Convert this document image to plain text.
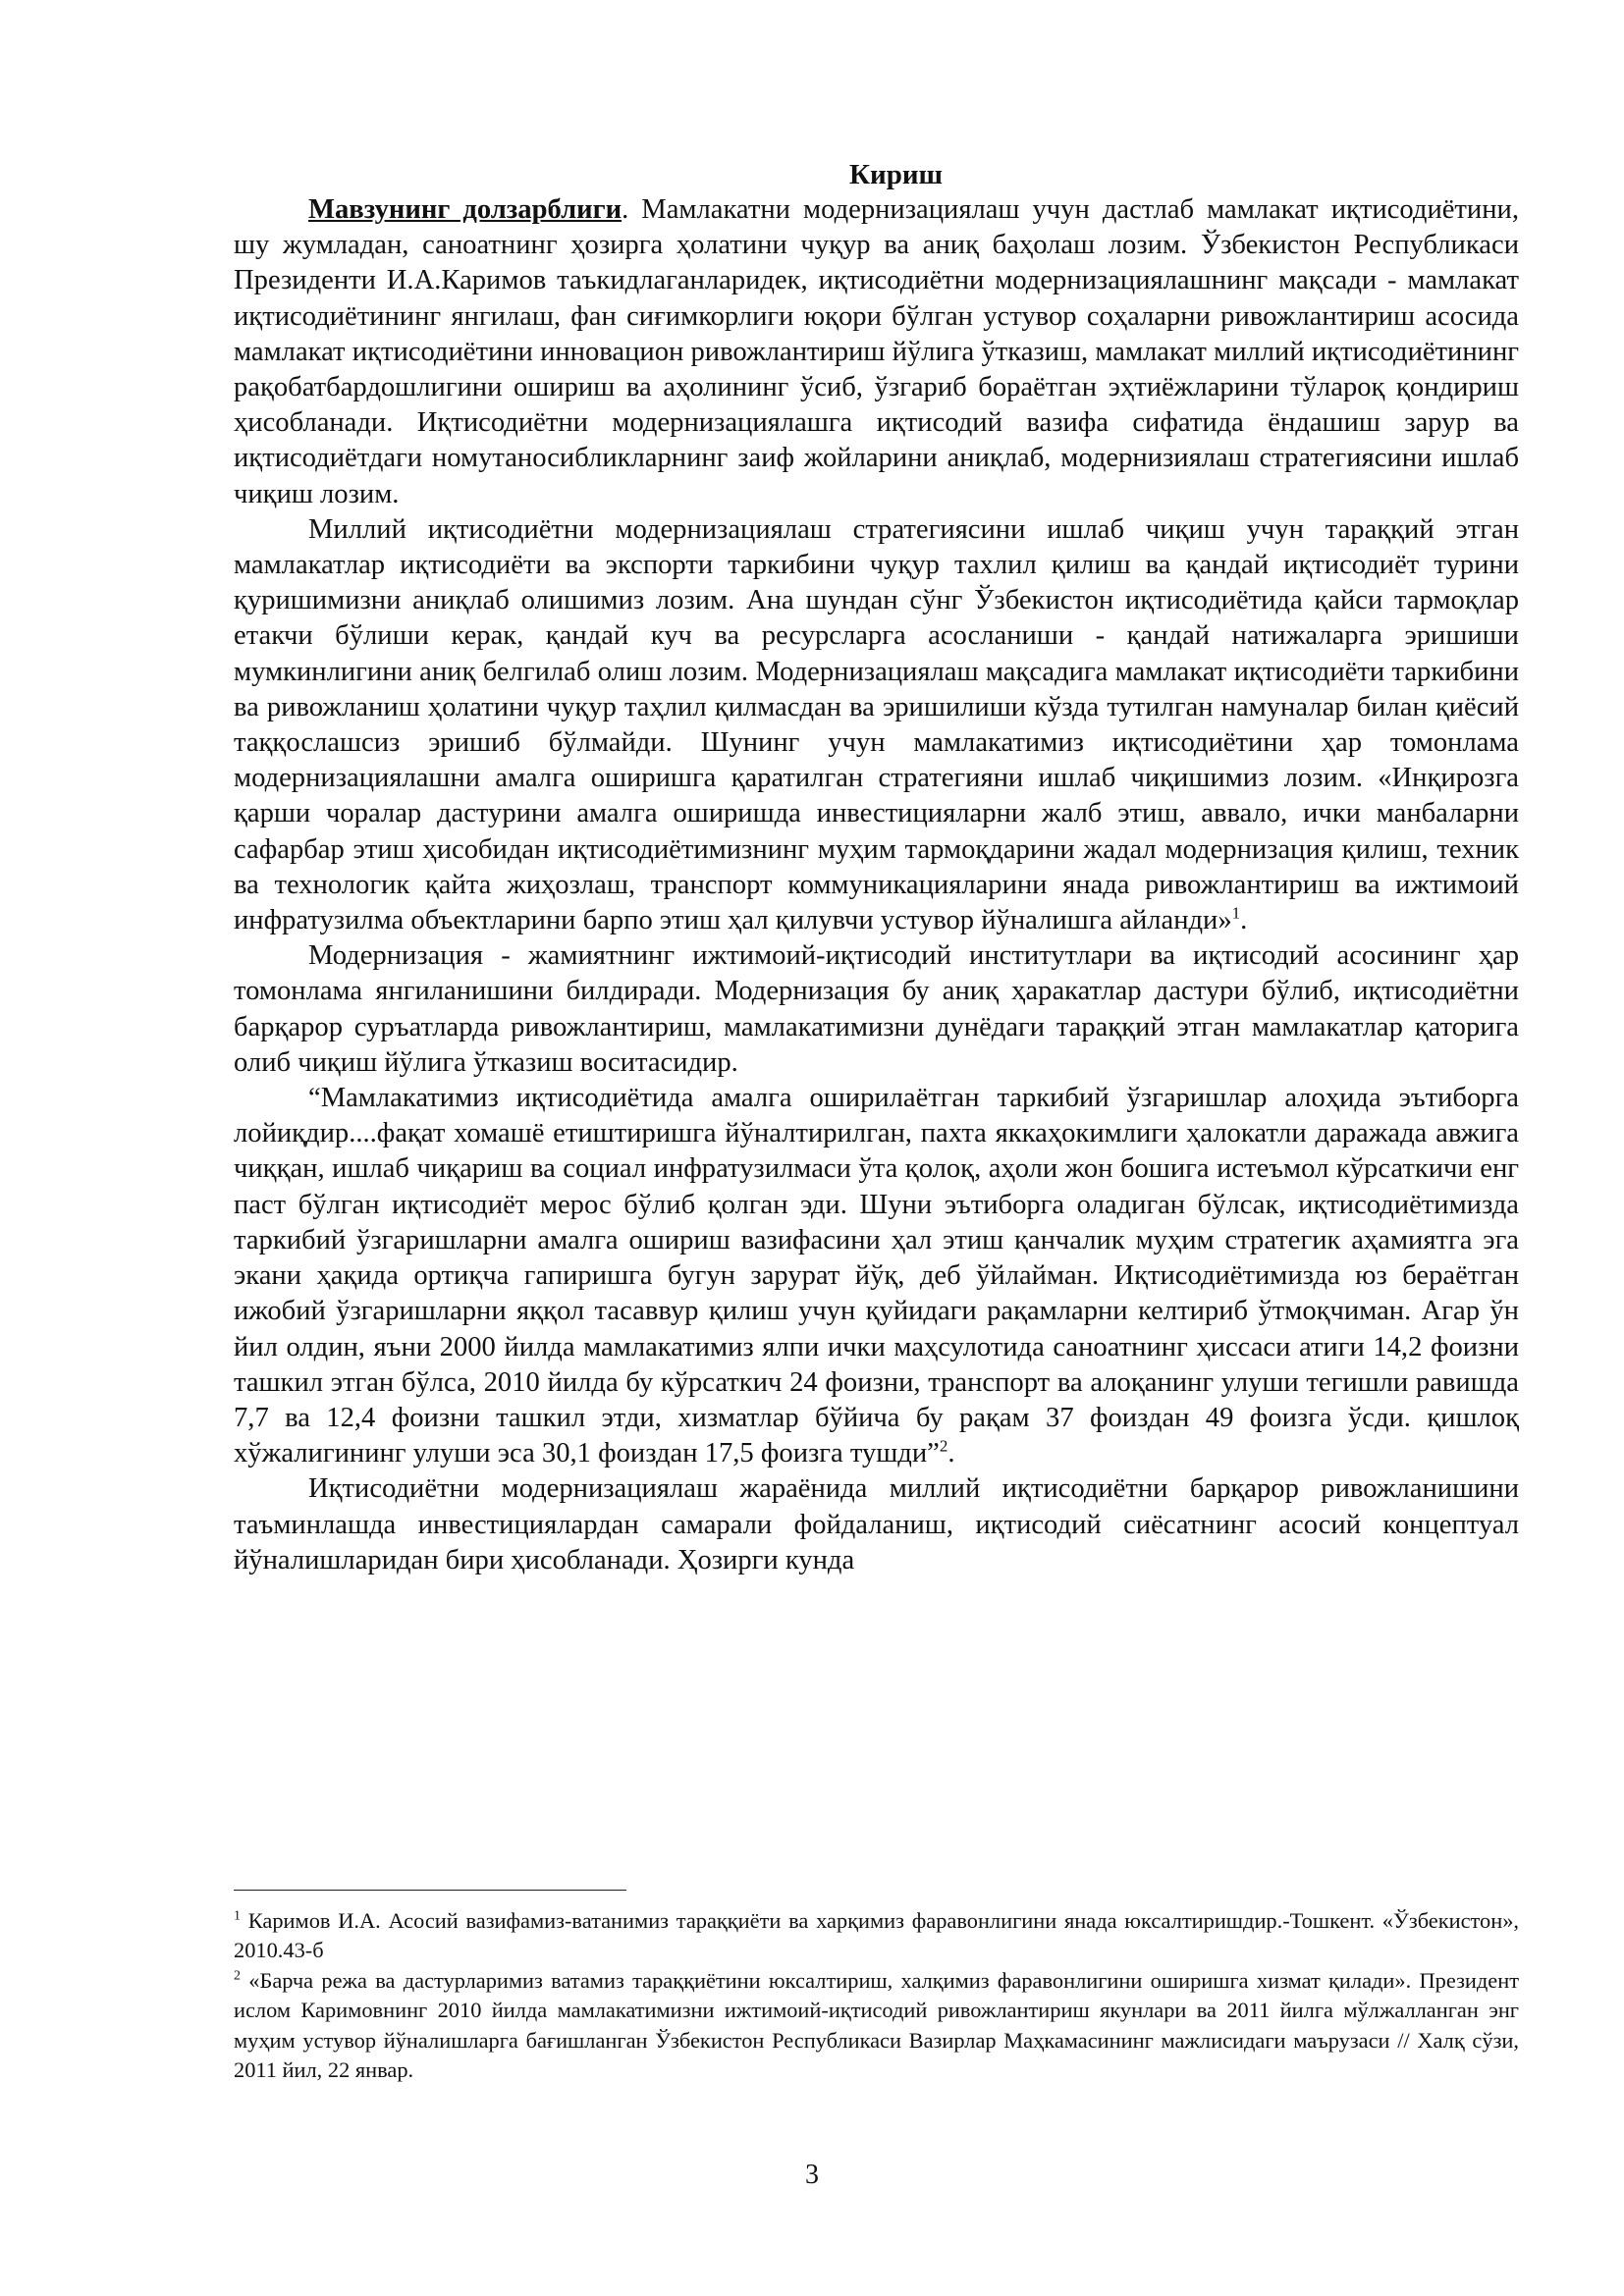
Кириш

Мавзунинг долзарблиги. Мамлакатни модернизациялаш учун дастлаб мамлакат иқтисодиётини, шу жумладан, саноатнинг ҳозирга ҳолатини чуқур ва аниқ баҳолаш лозим. Ўзбекистон Республикаси Президенти И.А.Каримов таъкидлаганларидек, иқтисодиётни модернизациялашнинг мақсади - мамлакат иқтисодиётининг янгилаш, фан сиғимкорлиги юқори бўлган устувор соҳаларни ривожлантириш асосида мамлакат иқтисодиётини инновацион ривожлантириш йўлига ўтказиш, мамлакат миллий иқтисодиётининг рақобатбардошлигини ошириш ва аҳолининг ўсиб, ўзгариб бораётган эҳтиёжларини тўлароқ қондириш ҳисобланади. Иқтисодиётни модернизациялашга иқтисодий вазифа сифатида ёндашиш зарур ва иқтисодиётдаги номутаносибликларнинг заиф жойларини аниқлаб, модернизиялаш стратегиясини ишлаб чиқиш лозим.

Миллий иқтисодиётни модернизациялаш стратегиясини ишлаб чиқиш учун тараққий этган мамлакатлар иқтисодиёти ва экспорти таркибини чуқур тахлил қилиш ва қандай иқтисодиёт турини қуришимизни аниқлаб олишимиз лозим. Ана шундан сўнг Ўзбекистон иқтисодиётида қайси тармоқлар етакчи бўлиши керак, қандай куч ва ресурсларга асосланиши - қандай натижаларга эришиши мумкинлигини аниқ белгилаб олиш лозим. Модернизациялаш мақсадига мамлакат иқтисодиёти таркибини ва ривожланиш ҳолатини чуқур таҳлил қилмасдан ва эришилиши кўзда тутилган намуналар билан қиёсий таққослашсиз эришиб бўлмайди. Шунинг учун мамлакатимиз иқтисодиётини ҳар томонлама модернизациялашни амалга оширишга қаратилган стратегияни ишлаб чиқишимиз лозим. «Инқирозга қарши чоралар дастурини амалга оширишда инвестицияларни жалб этиш, аввало, ички манбаларни сафарбар этиш ҳисобидан иқтисодиётимизнинг муҳим тармоқдарини жадал модернизация қилиш, техник ва технологик қайта жиҳозлаш, транспорт коммуникацияларини янада ривожлантириш ва ижтимоий инфратузилма объектларини барпо этиш ҳал қилувчи устувор йўналишга айланди»$^1$.

Модернизация - жамиятнинг ижтимоий-иқтисодий институтлари ва иқтисодий асосининг ҳар томонлама янгиланишини билдиради. Модернизация бу аниқ ҳаракатлар дастури бўлиб, иқтисодиётни барқарор суръатларда ривожлантириш, мамлакатимизни дунёдаги тараққий этган мамлакатлар қаторига олиб чиқиш йўлига ўтказиш воситасидир.

“Мамлакатимиз иқтисодиётида амалга оширилаётган таркибий ўзгаришлар алоҳида эътиборга лойиқдир....фақат хомашё етиштиришга йўналтирилган, пахта яккаҳокимлиги ҳалокатли даражада авжига чиққан, ишлаб чиқариш ва социал инфратузилмаси ўта қолоқ, аҳоли жон бошига истеъмол кўрсаткичи енг паст бўлган иқтисодиёт мерос бўлиб қолган эди. Шуни эътиборга оладиган бўлсак, иқтисодиётимизда таркибий ўзгаришларни амалга ошириш вазифасини ҳал этиш қанчалик муҳим стратегик аҳамиятга эга экани ҳақида ортиқча гапиришга бугун зарурат йўқ, деб ўйлайман. Иқтисодиётимизда юз бераётган ижобий ўзгаришларни яққол тасаввур қилиш учун қуйидаги рақамларни келтириб ўтмоқчиман. Агар ўн йил олдин, яъни 2000 йилда мамлакатимиз ялпи ички маҳсулотида саноатнинг ҳиссаси атиги 14,2 фоизни ташкил этган бўлса, 2010 йилда бу кўрсаткич 24 фоизни, транспорт ва алоқанинг улуши тегишли равишда 7,7 ва 12,4 фоизни ташкил этди, хизматлар бўйича бу рақам 37 фоиздан 49 фоизга ўсди. қишлоқ хўжалигининг улуши эса 30,1 фоиздан 17,5 фоизга тушди”$^2$.

Иқтисодиётни модернизациялаш жараёнида миллий иқтисодиётни барқарор ривожланишини таъминлашда инвестициялардан самарали фойдаланиш, иқтисодий сиёсатнинг асосий концептуал йўналишларидан бири ҳисобланади. Ҳозирги кунда

$^1$ Каримов И.А. Асосий вазифамиз-ватанимиз тараққиёти ва харқимиз фаравонлигини янада юксалтиришдир.-Тошкент. «Ўзбекистон», 2010.43-б

$^2$ «Барча режа ва дастурларимиз ватамиз тараққиётини юксалтириш, халқимиз фаравонлигини оширишга хизмат қилади». Президент ислом Каримовнинг 2010 йилда мамлакатимизни ижтимоий-иқтисодий ривожлантириш якунлари ва 2011 йилга мўлжалланган энг муҳим устувор йўналишларга бағишланган Ўзбекистон Республикаси Вазирлар Маҳкамасининг мажлисидаги маърузаси // Халқ сўзи, 2011 йил, 22 январ.

3
